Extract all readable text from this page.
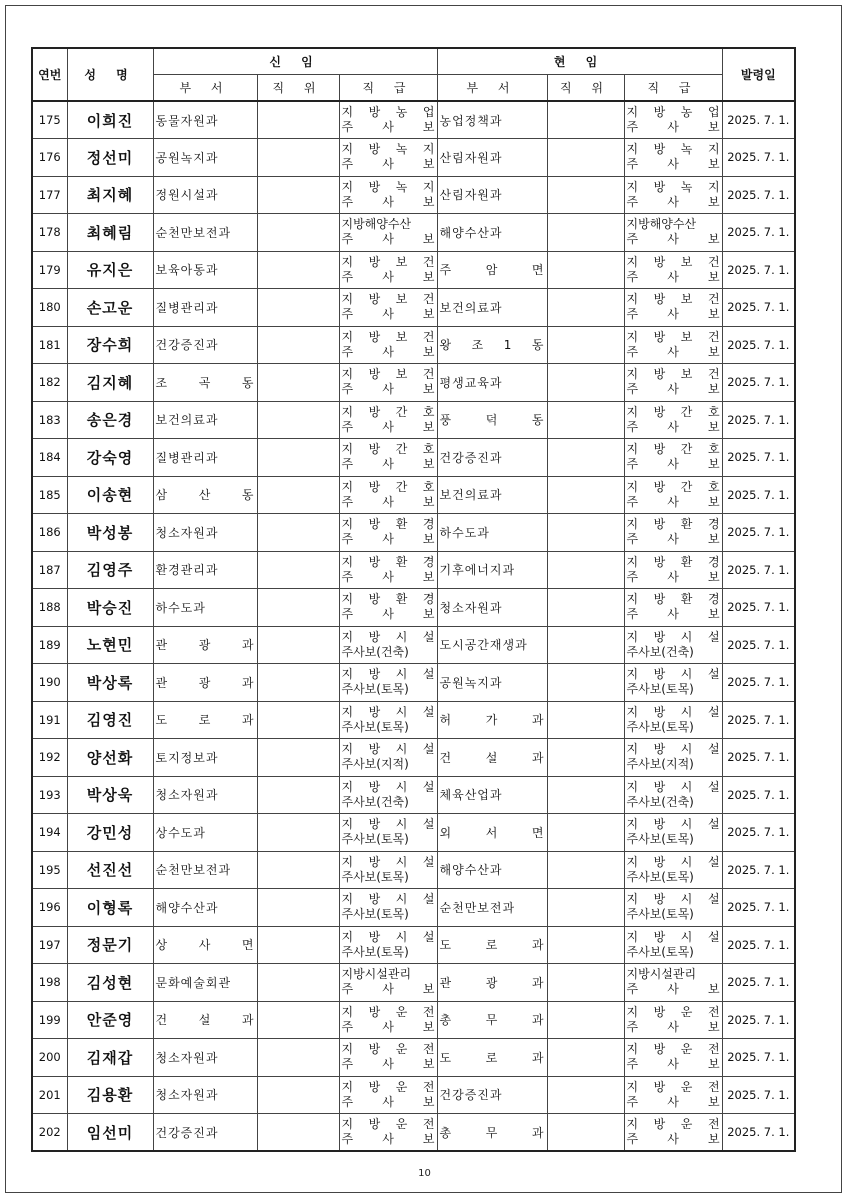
연번	성 명	신 임			현 임			발령일
		부 서	직 위	직 급	부 서	직 위	직 급	
175	이희진	동물자원과		지 방 농 업
주 사 보	농업정책과		지 방 농 업
주 사 보	2025. 7. 1.
176	정선미	공원녹지과		지 방 녹 지
주 사 보	산림자원과		지 방 녹 지
주 사 보	2025. 7. 1.
177	최지혜	정원시설과		지 방 녹 지
주 사 보	산림자원과		지 방 녹 지
주 사 보	2025. 7. 1.
178	최혜림	순천만보전과		지방해양수산
주 사 보	해양수산과		지방해양수산
주 사 보	2025. 7. 1.
179	유지은	보육아동과		지 방 보 건
주 사 보	주 암 면		지 방 보 건
주 사 보	2025. 7. 1.
180	손고운	질병관리과		지 방 보 건
주 사 보	보건의료과		지 방 보 건
주 사 보	2025. 7. 1.
181	장수희	건강증진과		지 방 보 건
주 사 보	왕 조 1 동		지 방 보 건
주 사 보	2025. 7. 1.
182	김지혜	조 곡 동		지 방 보 건
주 사 보	평생교육과		지 방 보 건
주 사 보	2025. 7. 1.
183	송은경	보건의료과		지 방 간 호
주 사 보	풍 덕 동		지 방 간 호
주 사 보	2025. 7. 1.
184	강숙영	질병관리과		지 방 간 호
주 사 보	건강증진과		지 방 간 호
주 사 보	2025. 7. 1.
185	이송현	삼 산 동		지 방 간 호
주 사 보	보건의료과		지 방 간 호
주 사 보	2025. 7. 1.
186	박성봉	청소자원과		지 방 환 경
주 사 보	하수도과		지 방 환 경
주 사 보	2025. 7. 1.
187	김영주	환경관리과		지 방 환 경
주 사 보	기후에너지과		지 방 환 경
주 사 보	2025. 7. 1.
188	박승진	하수도과		지 방 환 경
주 사 보	청소자원과		지 방 환 경
주 사 보	2025. 7. 1.
189	노현민	관 광 과		지 방 시 설
주사보(건축)	도시공간재생과		지 방 시 설
주사보(건축)	2025. 7. 1.
190	박상록	관 광 과		지 방 시 설
주사보(토목)	공원녹지과		지 방 시 설
주사보(토목)	2025. 7. 1.
191	김영진	도 로 과		지 방 시 설
주사보(토목)	허 가 과		지 방 시 설
주사보(토목)	2025. 7. 1.
192	양선화	토지정보과		지 방 시 설
주사보(지적)	건 설 과		지 방 시 설
주사보(지적)	2025. 7. 1.
193	박상욱	청소자원과		지 방 시 설
주사보(건축)	체육산업과		지 방 시 설
주사보(건축)	2025. 7. 1.
194	강민성	상수도과		지 방 시 설
주사보(토목)	외 서 면		지 방 시 설
주사보(토목)	2025. 7. 1.
195	선진선	순천만보전과		지 방 시 설
주사보(토목)	해양수산과		지 방 시 설
주사보(토목)	2025. 7. 1.
196	이형록	해양수산과		지 방 시 설
주사보(토목)	순천만보전과		지 방 시 설
주사보(토목)	2025. 7. 1.
197	정문기	상 사 면		지 방 시 설
주사보(토목)	도 로 과		지 방 시 설
주사보(토목)	2025. 7. 1.
198	김성현	문화예술회관		지방시설관리
주 사 보	관 광 과		지방시설관리
주 사 보	2025. 7. 1.
199	안준영	건 설 과		지 방 운 전
주 사 보	총 무 과		지 방 운 전
주 사 보	2025. 7. 1.
200	김재갑	청소자원과		지 방 운 전
주 사 보	도 로 과		지 방 운 전
주 사 보	2025. 7. 1.
201	김용환	청소자원과		지 방 운 전
주 사 보	건강증진과		지 방 운 전
주 사 보	2025. 7. 1.
202	임선미	건강증진과		지 방 운 전
주 사 보	총 무 과		지 방 운 전
주 사 보	2025. 7. 1.
10
